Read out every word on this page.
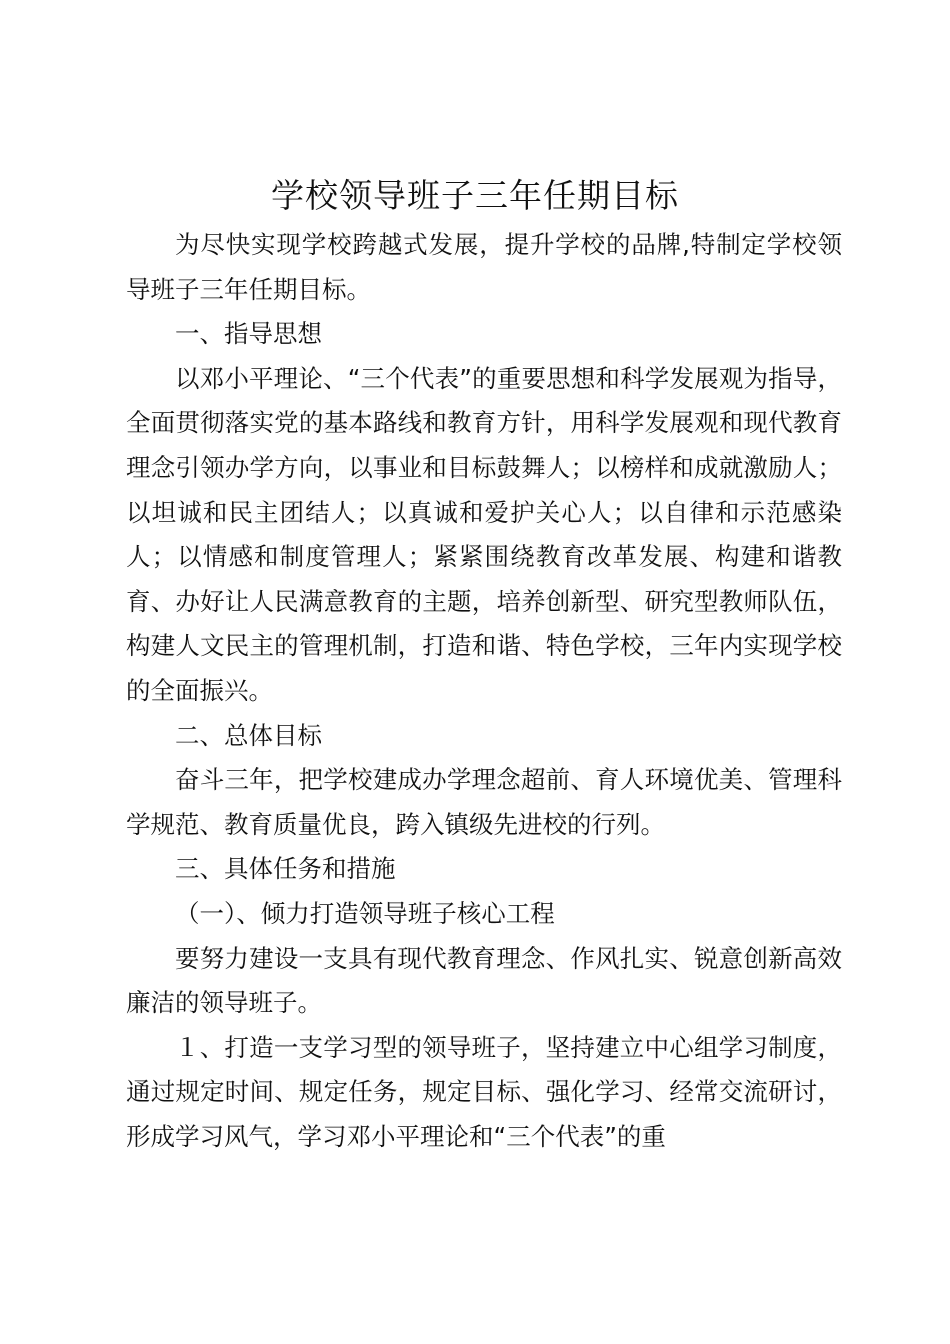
学校领导班子三年任期目标

为尽快实现学校跨越式发展，提升学校的品牌,特制定学校领导班子三年任期目标。

一、指导思想

以邓小平理论、“三个代表”的重要思想和科学发展观为指导，全面贯彻落实党的基本路线和教育方针，用科学发展观和现代教育理念引领办学方向，以事业和目标鼓舞人；以榜样和成就激励人；以坦诚和民主团结人；以真诚和爱护关心人；以自律和示范感染人；以情感和制度管理人；紧紧围绕教育改革发展、构建和谐教育、办好让人民满意教育的主题，培养创新型、研究型教师队伍，构建人文民主的管理机制，打造和谐、特色学校，三年内实现学校的全面振兴。

二、总体目标

奋斗三年，把学校建成办学理念超前、育人环境优美、管理科学规范、教育质量优良，跨入镇级先进校的行列。

三、具体任务和措施

（一）、倾力打造领导班子核心工程

要努力建设一支具有现代教育理念、作风扎实、锐意创新高效廉洁的领导班子。

１、打造一支学习型的领导班子，坚持建立中心组学习制度，通过规定时间、规定任务，规定目标、强化学习、经常交流研讨，形成学习风气，学习邓小平理论和“三个代表”的重
